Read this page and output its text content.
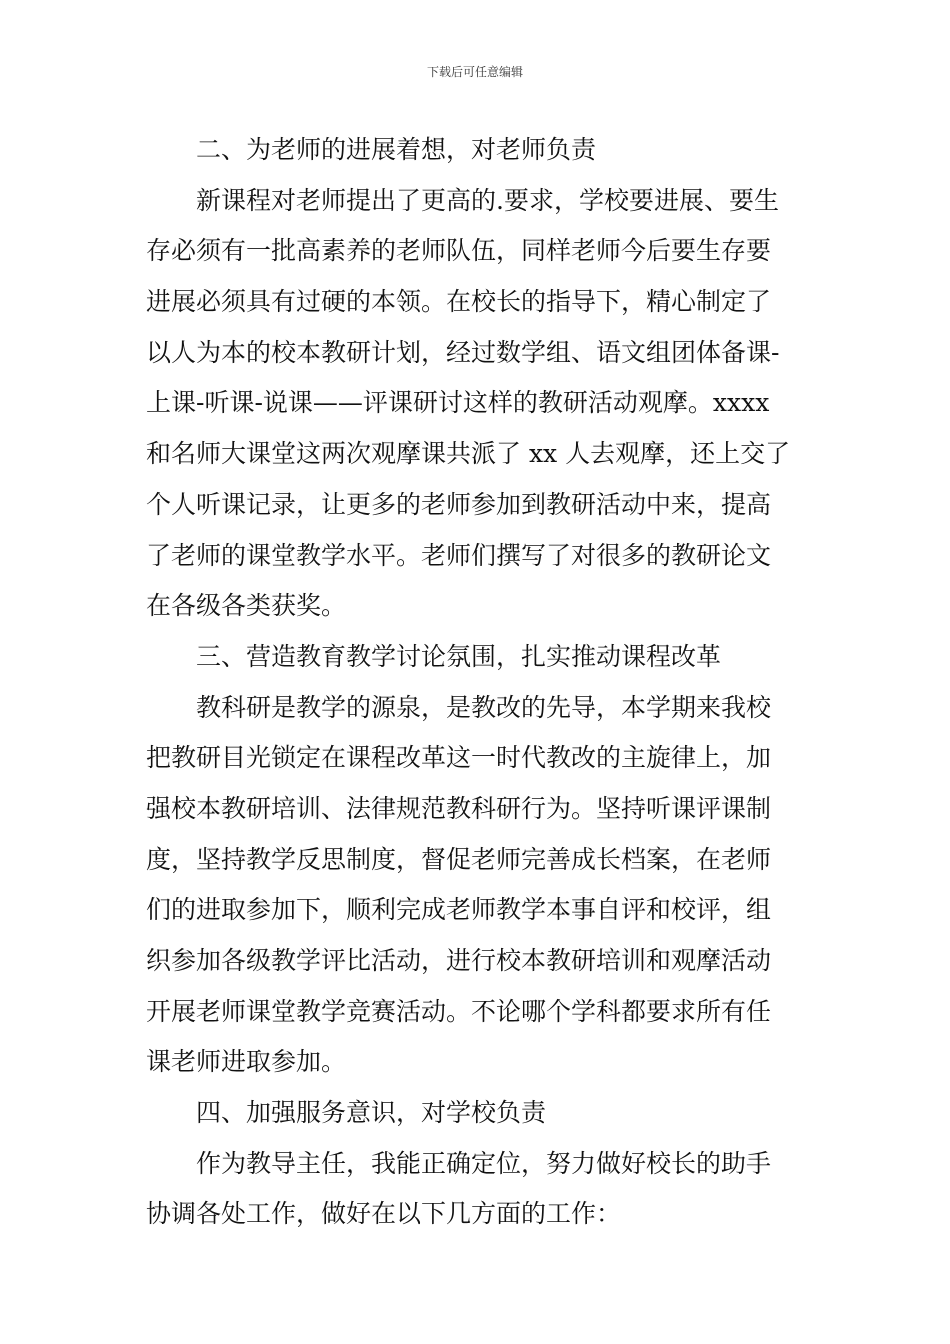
下载后可任意编辑
二、为老师的进展着想，对老师负责
新课程对老师提出了更高的.要求，学校要进展、要生
存必须有一批高素养的老师队伍，同样老师今后要生存要
进展必须具有过硬的本领。在校长的指导下，精心制定了
以人为本的校本教研计划，经过数学组、语文组团体备课-
上课-听课-说课——评课研讨这样的教研活动观摩。xxxx
和名师大课堂这两次观摩课共派了 xx 人去观摩，还上交了
个人听课记录，让更多的老师参加到教研活动中来，提高
了老师的课堂教学水平。老师们撰写了对很多的教研论文
在各级各类获奖。
三、营造教育教学讨论氛围，扎实推动课程改革
教科研是教学的源泉，是教改的先导，本学期来我校
把教研目光锁定在课程改革这一时代教改的主旋律上，加
强校本教研培训、法律规范教科研行为。坚持听课评课制
度，坚持教学反思制度，督促老师完善成长档案，在老师
们的进取参加下，顺利完成老师教学本事自评和校评，组
织参加各级教学评比活动，进行校本教研培训和观摩活动
开展老师课堂教学竞赛活动。不论哪个学科都要求所有任
课老师进取参加。
四、加强服务意识，对学校负责
作为教导主任，我能正确定位，努力做好校长的助手
协调各处工作，做好在以下几方面的工作：
